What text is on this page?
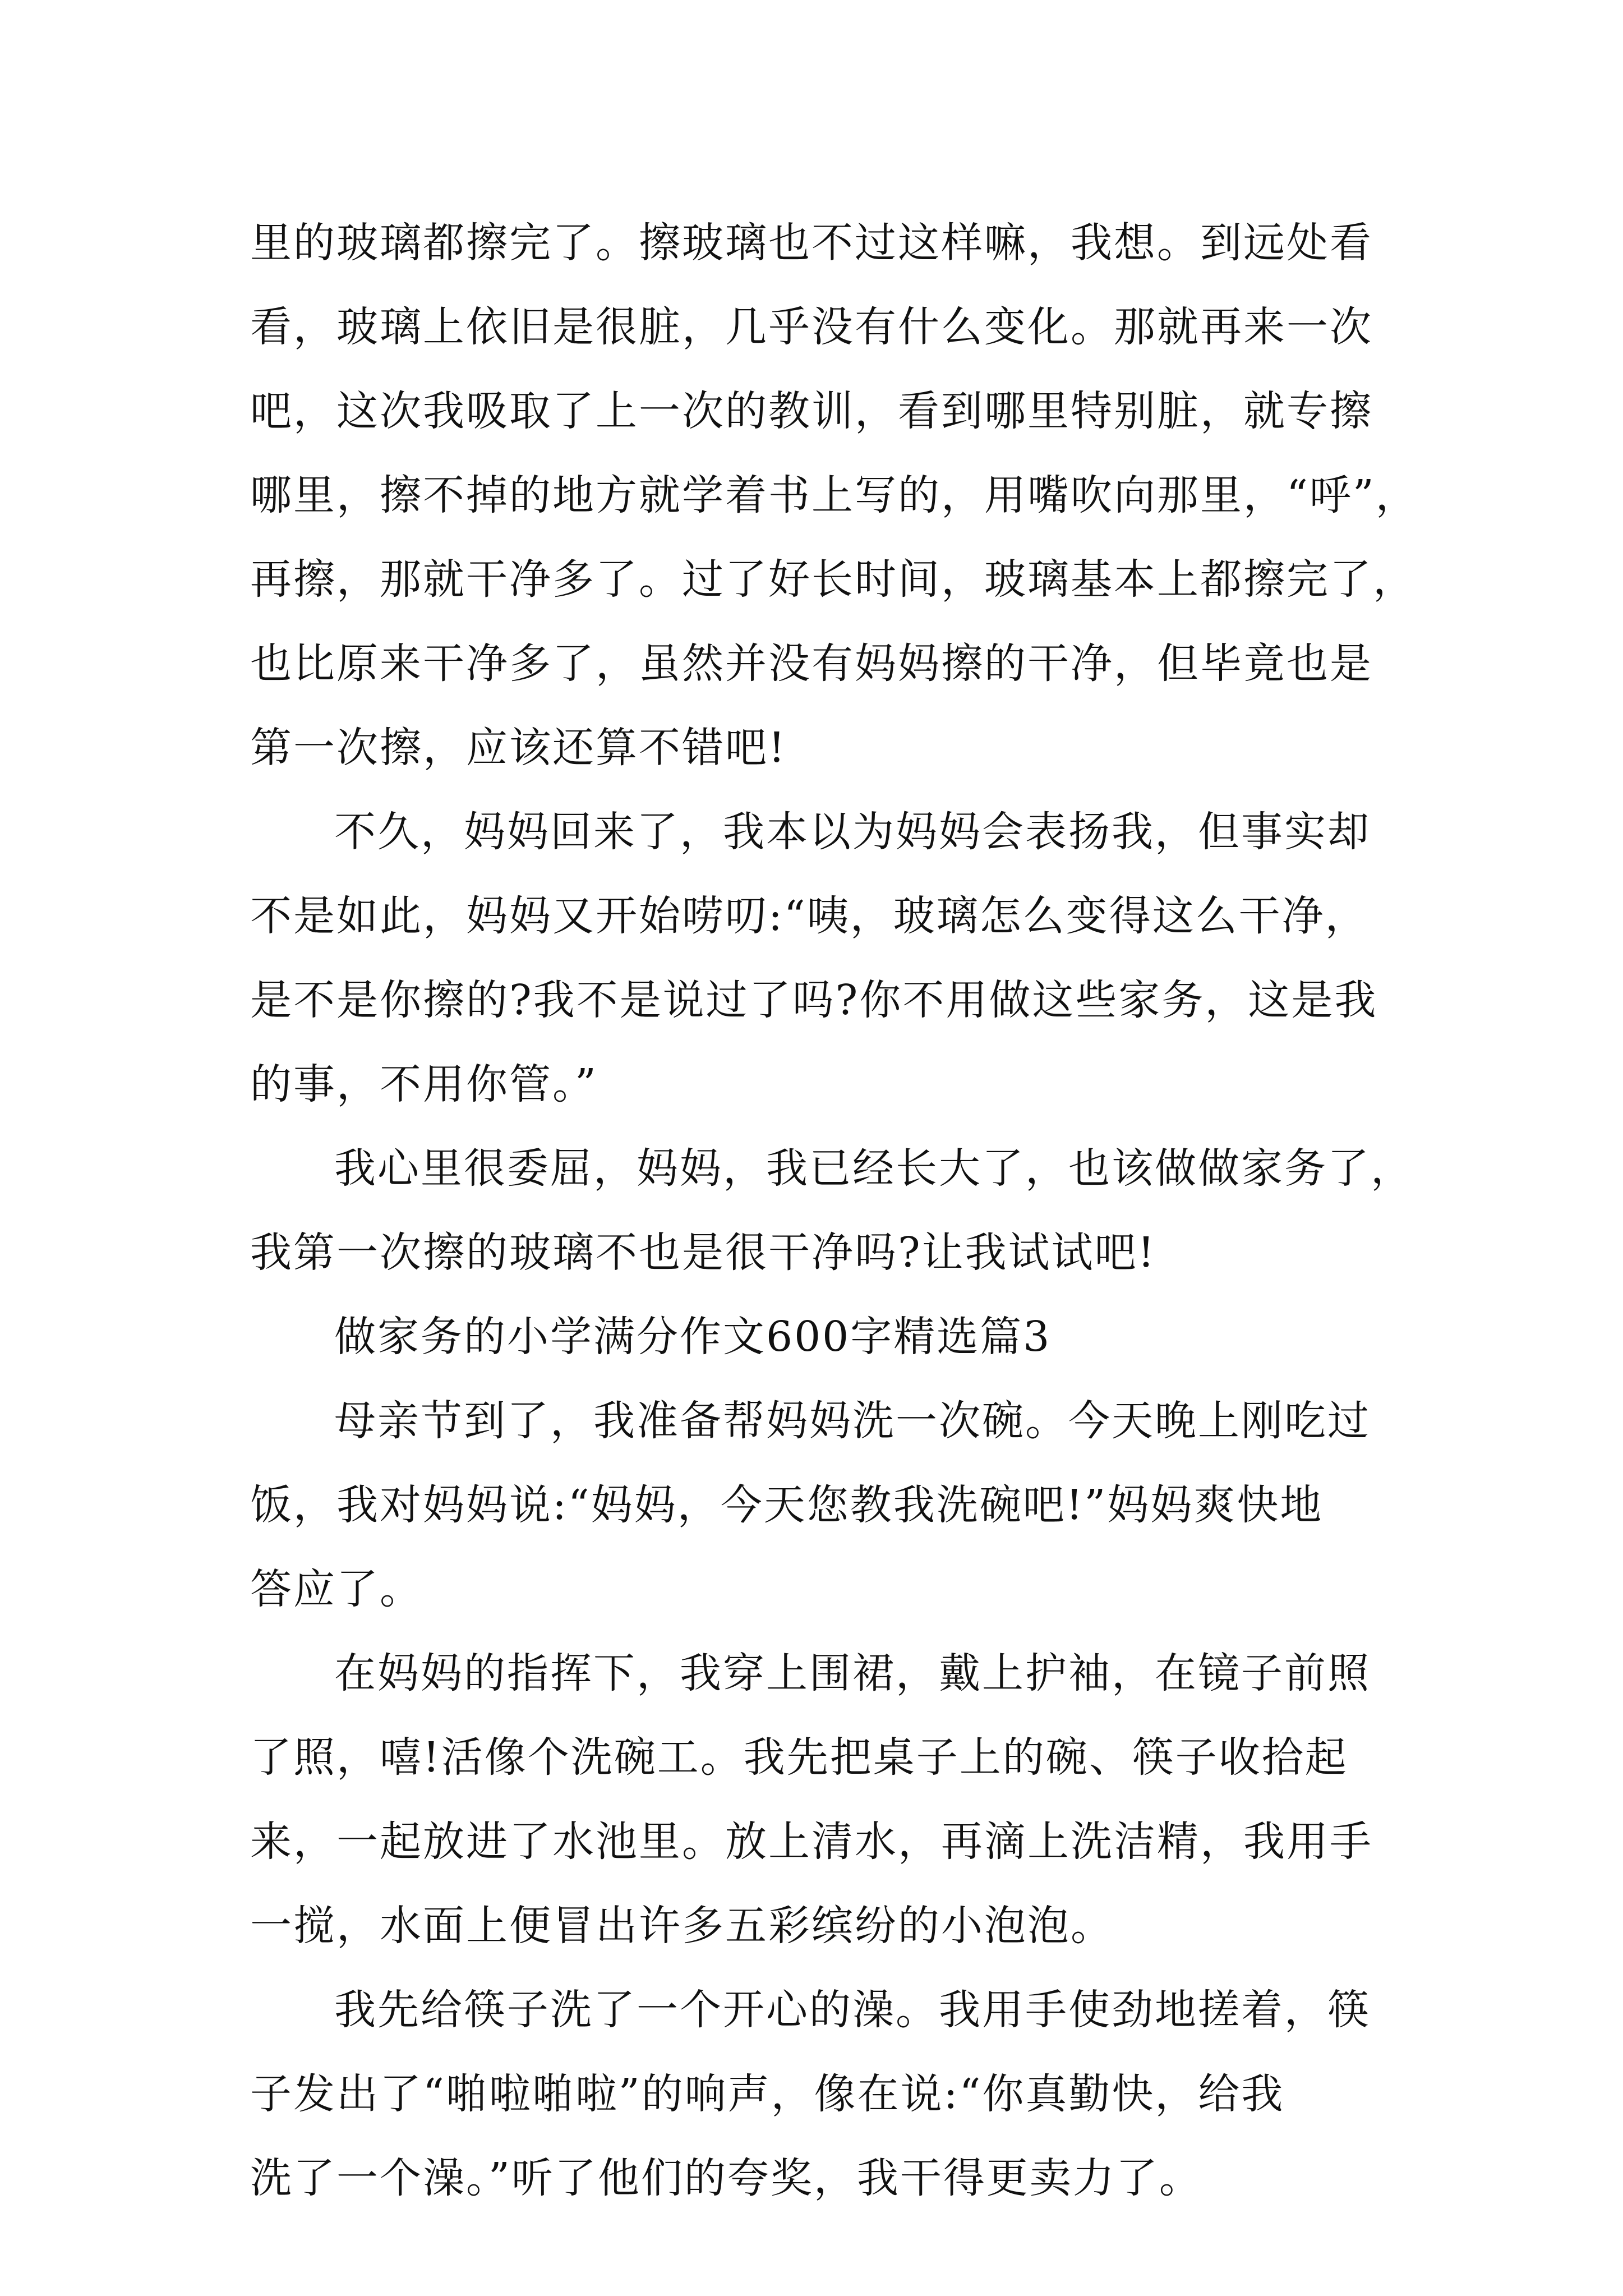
里的玻璃都擦完了。擦玻璃也不过这样嘛，我想。到远处看

看，玻璃上依旧是很脏，几乎没有什么变化。那就再来一次

吧，这次我吸取了上一次的教训，看到哪里特别脏，就专擦

哪里，擦不掉的地方就学着书上写的，用嘴吹向那里，“呼”，

再擦，那就干净多了。过了好长时间，玻璃基本上都擦完了，

也比原来干净多了，虽然并没有妈妈擦的干净，但毕竟也是

第一次擦，应该还算不错吧!

不久，妈妈回来了，我本以为妈妈会表扬我，但事实却

不是如此，妈妈又开始唠叨:“咦，玻璃怎么变得这么干净，

是不是你擦的?我不是说过了吗?你不用做这些家务，这是我

的事，不用你管。”

我心里很委屈，妈妈，我已经长大了，也该做做家务了，

我第一次擦的玻璃不也是很干净吗?让我试试吧!

做家务的小学满分作文600字精选篇3

母亲节到了，我准备帮妈妈洗一次碗。今天晚上刚吃过

饭，我对妈妈说:“妈妈，今天您教我洗碗吧!”妈妈爽快地

答应了。

在妈妈的指挥下，我穿上围裙，戴上护袖，在镜子前照

了照，嘻!活像个洗碗工。我先把桌子上的碗、筷子收拾起

来，一起放进了水池里。放上清水，再滴上洗洁精，我用手

一搅，水面上便冒出许多五彩缤纷的小泡泡。

我先给筷子洗了一个开心的澡。我用手使劲地搓着，筷

子发出了“啪啦啪啦”的响声，像在说:“你真勤快，给我

洗了一个澡。”听了他们的夸奖，我干得更卖力了。
